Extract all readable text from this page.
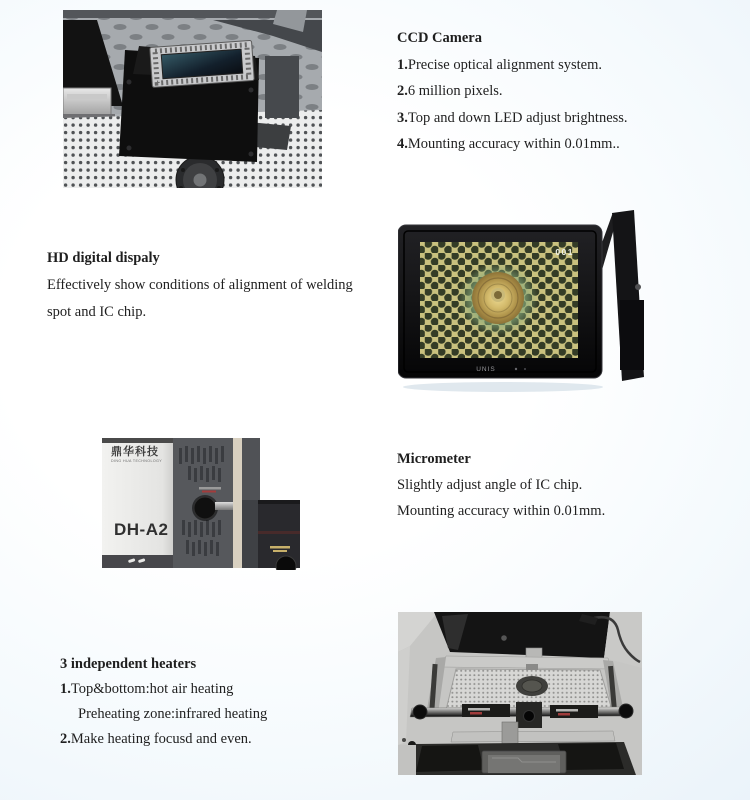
CCD Camera
1.Precise optical alignment system.
2.6 million pixels.
3.Top and down LED adjust brightness.
4.Mounting accuracy within 0.01mm..
HD digital dispaly
Effectively show conditions of alignment of welding
spot and IC chip.
001
UNIS
鼎华科技
DING HUA TECHNOLOGY
DH-A2
Micrometer
Slightly adjust angle of IC chip.
Mounting accuracy within 0.01mm.
3 independent heaters
1.Top&bottom:hot air heating
Preheating zone:infrared heating
2.Make heating focusd and even.
